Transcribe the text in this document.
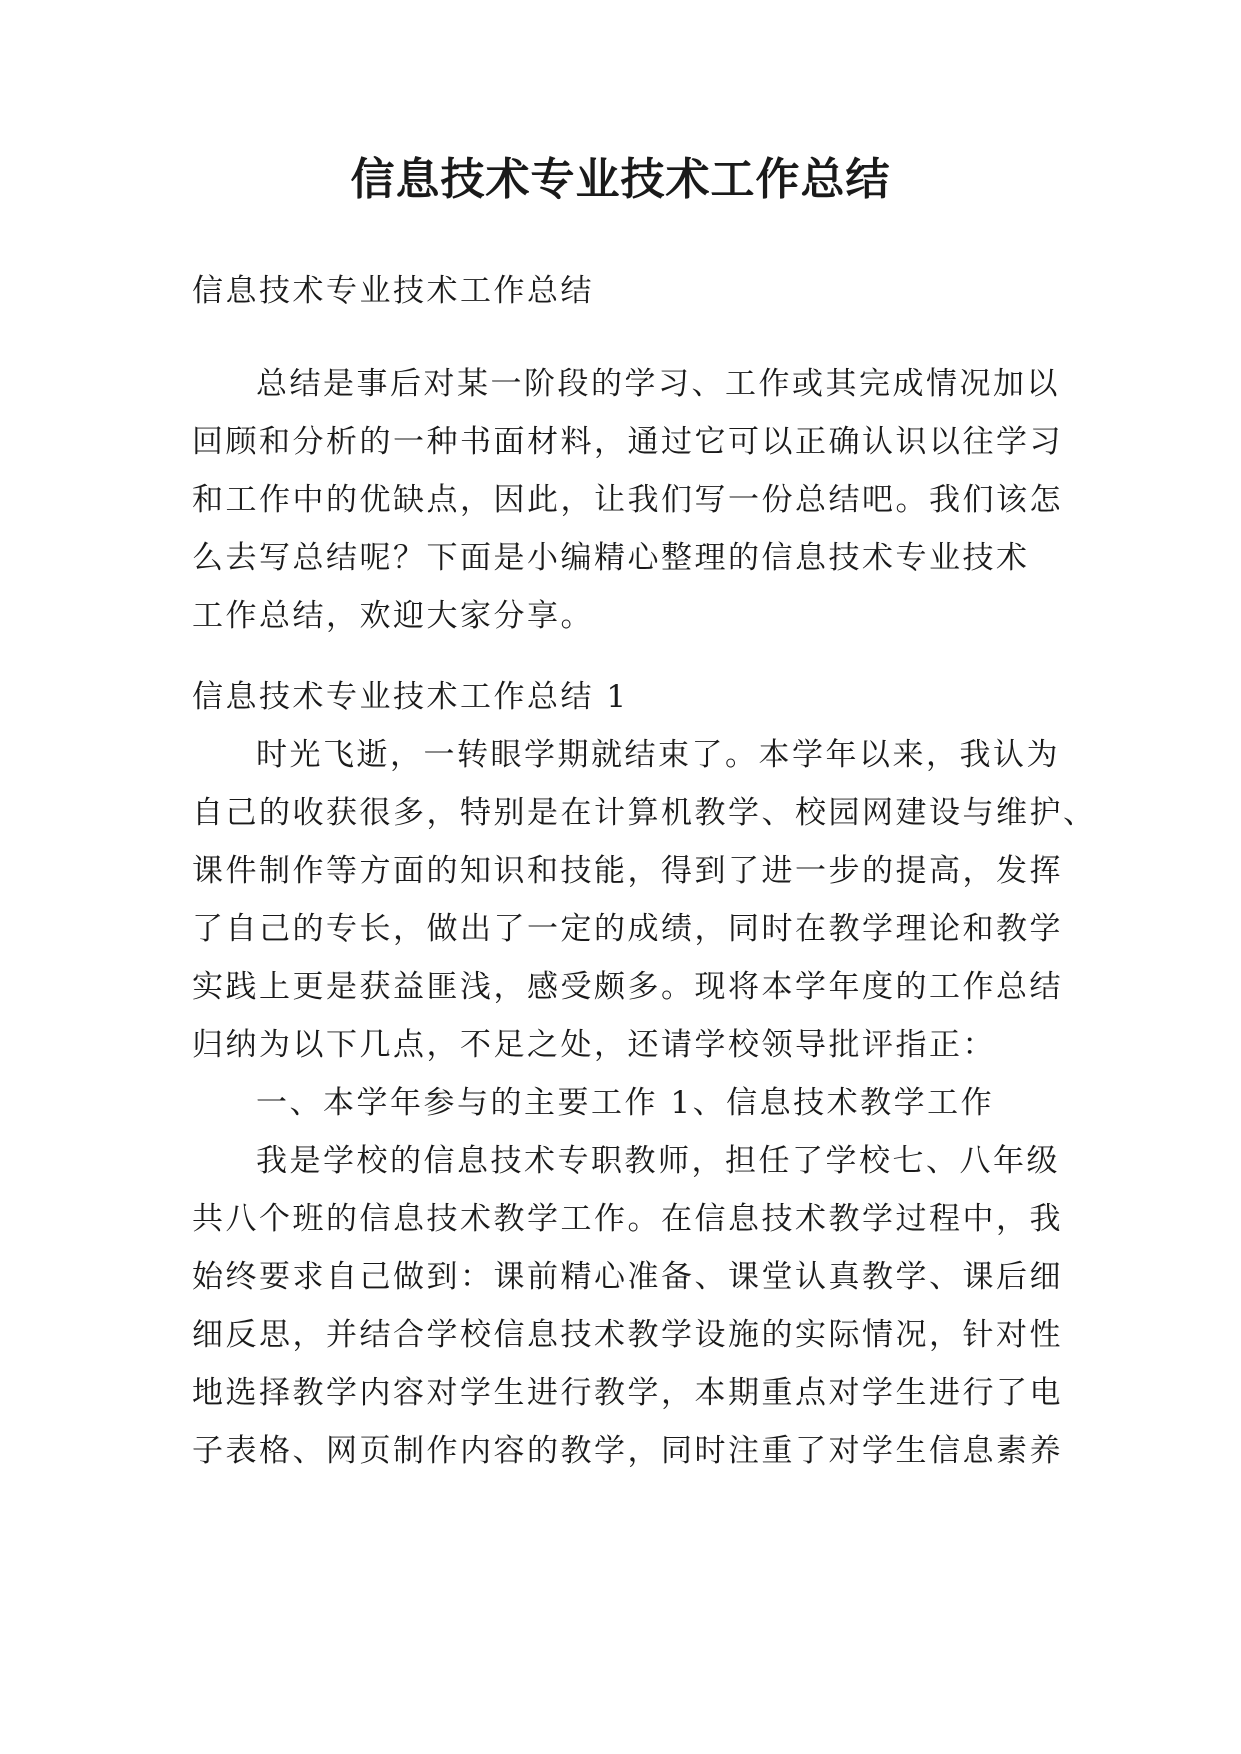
信息技术专业技术工作总结
信息技术专业技术工作总结
总结是事后对某一阶段的学习、工作或其完成情况加以
回顾和分析的一种书面材料，通过它可以正确认识以往学习
和工作中的优缺点，因此，让我们写一份总结吧。我们该怎
么去写总结呢？下面是小编精心整理的信息技术专业技术
工作总结，欢迎大家分享。
信息技术专业技术工作总结 1
时光飞逝，一转眼学期就结束了。本学年以来，我认为
自己的收获很多，特别是在计算机教学、校园网建设与维护、
课件制作等方面的知识和技能，得到了进一步的提高，发挥
了自己的专长，做出了一定的成绩，同时在教学理论和教学
实践上更是获益匪浅，感受颇多。现将本学年度的工作总结
归纳为以下几点，不足之处，还请学校领导批评指正：
一、本学年参与的主要工作 1、信息技术教学工作
我是学校的信息技术专职教师，担任了学校七、八年级
共八个班的信息技术教学工作。在信息技术教学过程中，我
始终要求自己做到：课前精心准备、课堂认真教学、课后细
细反思，并结合学校信息技术教学设施的实际情况，针对性
地选择教学内容对学生进行教学，本期重点对学生进行了电
子表格、网页制作内容的教学，同时注重了对学生信息素养
